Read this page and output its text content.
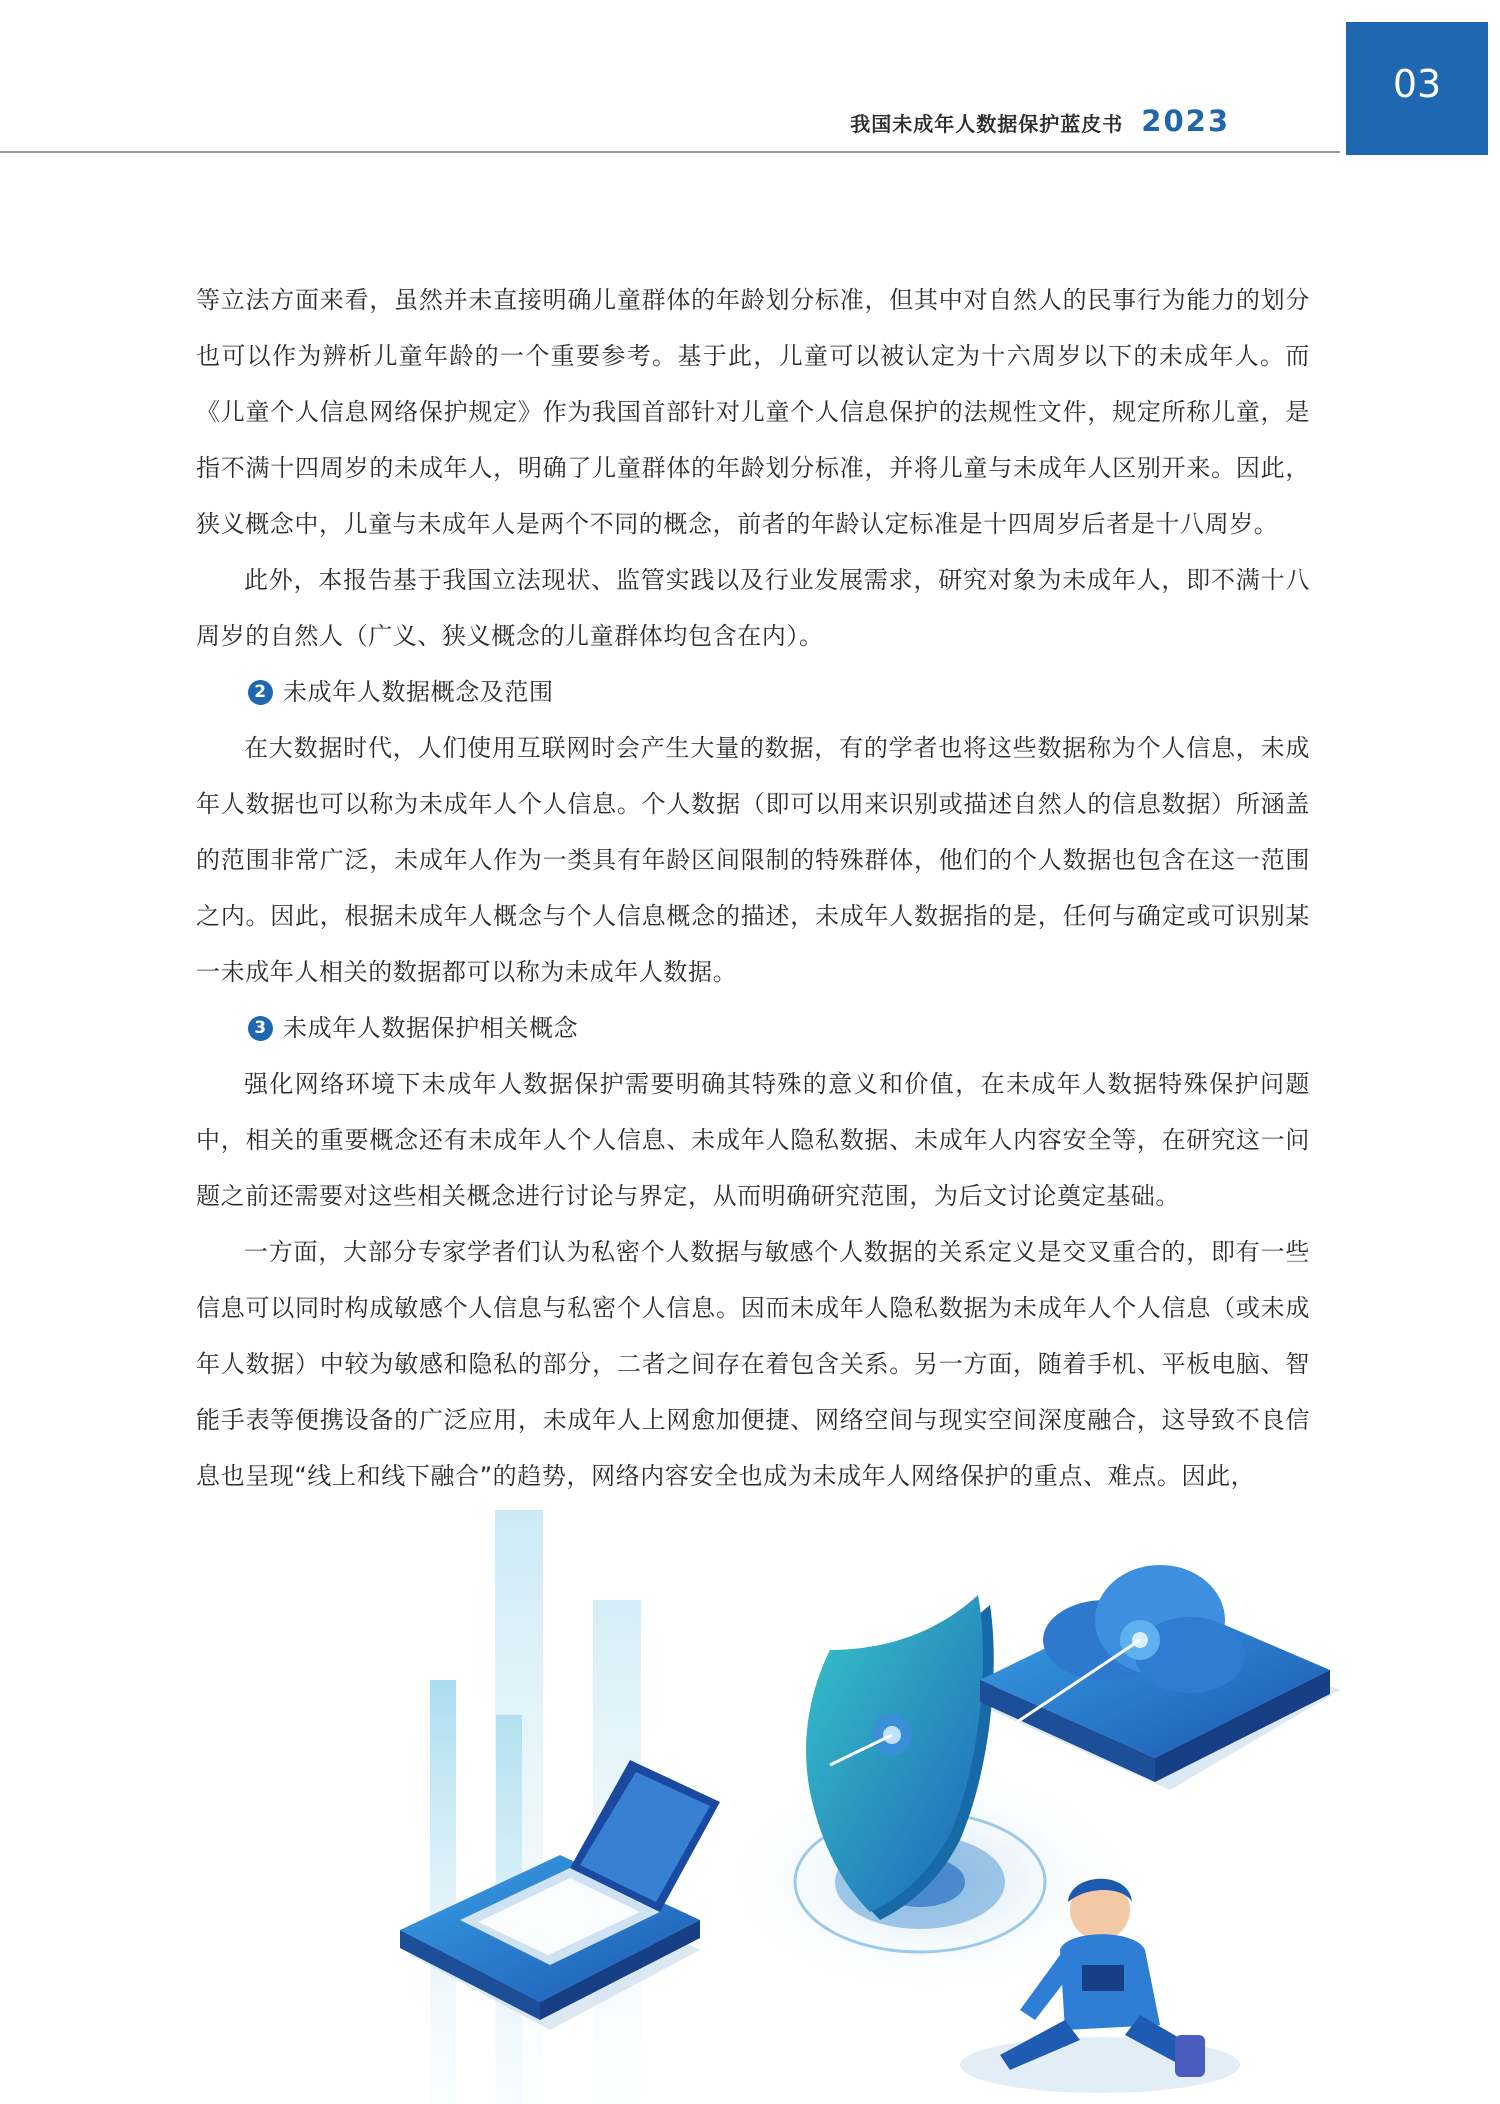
我国未成年人数据保护蓝皮书 2023
03

等立法方面来看，虽然并未直接明确儿童群体的年龄划分标准，但其中对自然人的民事行为能力的划分也可以作为辨析儿童年龄的一个重要参考。基于此，儿童可以被认定为十六周岁以下的未成年人。而《儿童个人信息网络保护规定》作为我国首部针对儿童个人信息保护的法规性文件，规定所称儿童，是指不满十四周岁的未成年人，明确了儿童群体的年龄划分标准，并将儿童与未成年人区别开来。因此，狭义概念中，儿童与未成年人是两个不同的概念，前者的年龄认定标准是十四周岁后者是十八周岁。

此外，本报告基于我国立法现状、监管实践以及行业发展需求，研究对象为未成年人，即不满十八周岁的自然人（广义、狭义概念的儿童群体均包含在内）。

2 未成年人数据概念及范围

在大数据时代，人们使用互联网时会产生大量的数据，有的学者也将这些数据称为个人信息，未成年人数据也可以称为未成年人个人信息。个人数据（即可以用来识别或描述自然人的信息数据）所涵盖的范围非常广泛，未成年人作为一类具有年龄区间限制的特殊群体，他们的个人数据也包含在这一范围之内。因此，根据未成年人概念与个人信息概念的描述，未成年人数据指的是，任何与确定或可识别某一未成年人相关的数据都可以称为未成年人数据。

3 未成年人数据保护相关概念

强化网络环境下未成年人数据保护需要明确其特殊的意义和价值，在未成年人数据特殊保护问题中，相关的重要概念还有未成年人个人信息、未成年人隐私数据、未成年人内容安全等，在研究这一问题之前还需要对这些相关概念进行讨论与界定，从而明确研究范围，为后文讨论奠定基础。

一方面，大部分专家学者们认为私密个人数据与敏感个人数据的关系定义是交叉重合的，即有一些信息可以同时构成敏感个人信息与私密个人信息。因而未成年人隐私数据为未成年人个人信息（或未成年人数据）中较为敏感和隐私的部分，二者之间存在着包含关系。另一方面，随着手机、平板电脑、智能手表等便携设备的广泛应用，未成年人上网愈加便捷、网络空间与现实空间深度融合，这导致不良信息也呈现“线上和线下融合”的趋势，网络内容安全也成为未成年人网络保护的重点、难点。因此，
